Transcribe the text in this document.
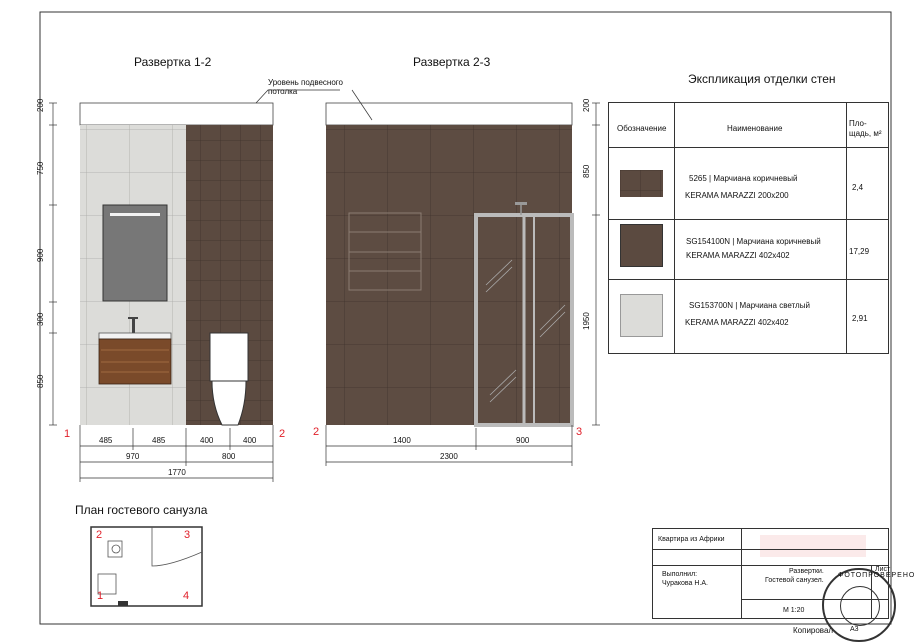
Развертка 1-2	Развертка 2-3
Экспликация отделки стен
План гостевого санузла
Уровень подвесного
потолка
200
750
900
300
850
485	485	400	400
970	800
1770
1	2
200
850
1950
1400	900
2300
2	3
2	3
1	4
Обозначение	Наименование
Пло-
щадь, м²
5265 | Марчиана коричневый
KERAMA MARAZZI 200x200
2,4
SG154100N | Марчиана коричневый
KERAMA MARAZZI 402x402	17,29
SG153700N | Марчиана светлый
KERAMA MARAZZI 402x402	2,91
Квартира из Африки
Выполнил:
Чуракова Н.А.
Развертки.
Гостевой санузел.
Лист
М 1:20
Копировал А3
ФОТОПРОВЕРЕНО
